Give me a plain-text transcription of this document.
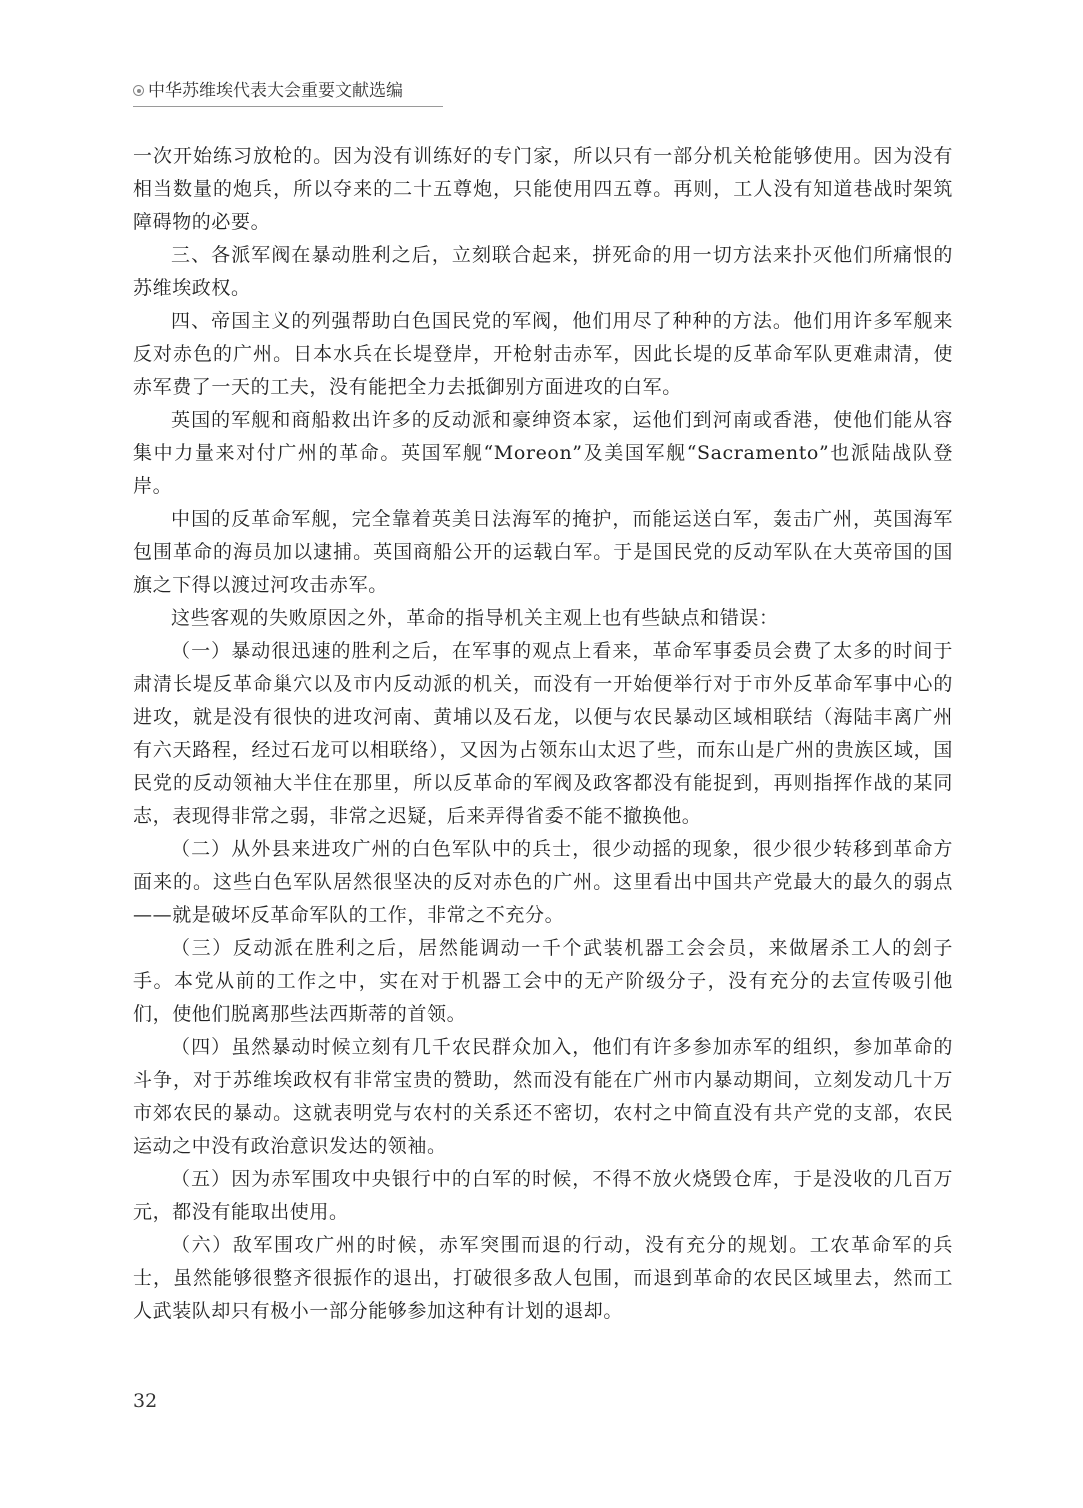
中华苏维埃代表大会重要文献选编

一次开始练习放枪的。因为没有训练好的专门家，所以只有一部分机关枪能够使用。因为没有相当数量的炮兵，所以夺来的二十五尊炮，只能使用四五尊。再则，工人没有知道巷战时架筑障碍物的必要。

三、各派军阀在暴动胜利之后，立刻联合起来，拼死命的用一切方法来扑灭他们所痛恨的苏维埃政权。

四、帝国主义的列强帮助白色国民党的军阀，他们用尽了种种的方法。他们用许多军舰来反对赤色的广州。日本水兵在长堤登岸，开枪射击赤军，因此长堤的反革命军队更难肃清，使赤军费了一天的工夫，没有能把全力去抵御别方面进攻的白军。

英国的军舰和商船救出许多的反动派和豪绅资本家，运他们到河南或香港，使他们能从容集中力量来对付广州的革命。英国军舰“Moreon”及美国军舰“Sacramento”也派陆战队登岸。

中国的反革命军舰，完全靠着英美日法海军的掩护，而能运送白军，轰击广州，英国海军包围革命的海员加以逮捕。英国商船公开的运载白军。于是国民党的反动军队在大英帝国的国旗之下得以渡过河攻击赤军。

这些客观的失败原因之外，革命的指导机关主观上也有些缺点和错误：

（一）暴动很迅速的胜利之后，在军事的观点上看来，革命军事委员会费了太多的时间于肃清长堤反革命巢穴以及市内反动派的机关，而没有一开始便举行对于市外反革命军事中心的进攻，就是没有很快的进攻河南、黄埔以及石龙，以便与农民暴动区域相联结（海陆丰离广州有六天路程，经过石龙可以相联络），又因为占领东山太迟了些，而东山是广州的贵族区域，国民党的反动领袖大半住在那里，所以反革命的军阀及政客都没有能捉到，再则指挥作战的某同志，表现得非常之弱，非常之迟疑，后来弄得省委不能不撤换他。

（二）从外县来进攻广州的白色军队中的兵士，很少动摇的现象，很少很少转移到革命方面来的。这些白色军队居然很坚决的反对赤色的广州。这里看出中国共产党最大的最久的弱点——就是破坏反革命军队的工作，非常之不充分。

（三）反动派在胜利之后，居然能调动一千个武装机器工会会员，来做屠杀工人的刽子手。本党从前的工作之中，实在对于机器工会中的无产阶级分子，没有充分的去宣传吸引他们，使他们脱离那些法西斯蒂的首领。

（四）虽然暴动时候立刻有几千农民群众加入，他们有许多参加赤军的组织，参加革命的斗争，对于苏维埃政权有非常宝贵的赞助，然而没有能在广州市内暴动期间，立刻发动几十万市郊农民的暴动。这就表明党与农村的关系还不密切，农村之中简直没有共产党的支部，农民运动之中没有政治意识发达的领袖。

（五）因为赤军围攻中央银行中的白军的时候，不得不放火烧毁仓库，于是没收的几百万元，都没有能取出使用。

（六）敌军围攻广州的时候，赤军突围而退的行动，没有充分的规划。工农革命军的兵士，虽然能够很整齐很振作的退出，打破很多敌人包围，而退到革命的农民区域里去，然而工人武装队却只有极小一部分能够参加这种有计划的退却。

32
